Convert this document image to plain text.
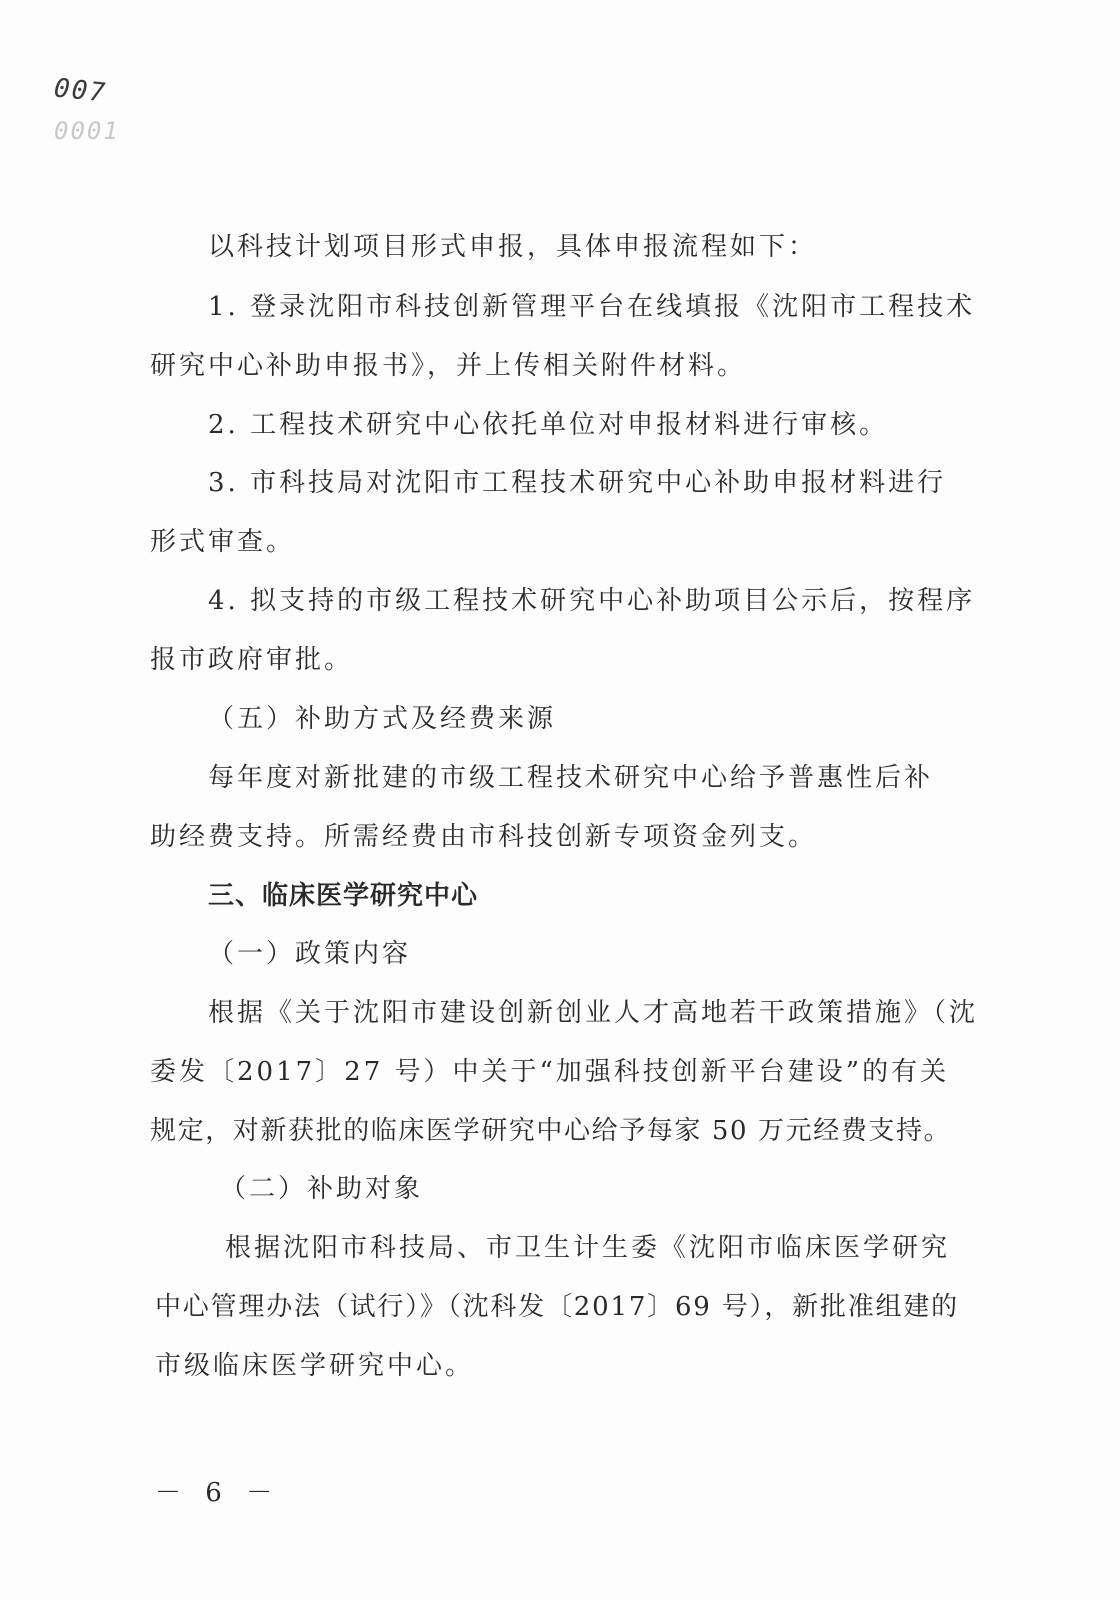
007
0001
以科技计划项目形式申报，具体申报流程如下：
1. 登录沈阳市科技创新管理平台在线填报《沈阳市工程技术
研究中心补助申报书》，并上传相关附件材料。
2. 工程技术研究中心依托单位对申报材料进行审核。
3. 市科技局对沈阳市工程技术研究中心补助申报材料进行
形式审查。
4. 拟支持的市级工程技术研究中心补助项目公示后，按程序
报市政府审批。
（五）补助方式及经费来源
每年度对新批建的市级工程技术研究中心给予普惠性后补
助经费支持。所需经费由市科技创新专项资金列支。
三、临床医学研究中心
（一）政策内容
根据《关于沈阳市建设创新创业人才高地若干政策措施》（沈
委发〔2017〕27 号）中关于“加强科技创新平台建设”的有关
规定，对新获批的临床医学研究中心给予每家 50 万元经费支持。
（二）补助对象
根据沈阳市科技局、市卫生计生委《沈阳市临床医学研究
中心管理办法（试行）》（沈科发〔2017〕69 号），新批准组建的
市级临床医学研究中心。
－ 6 －
